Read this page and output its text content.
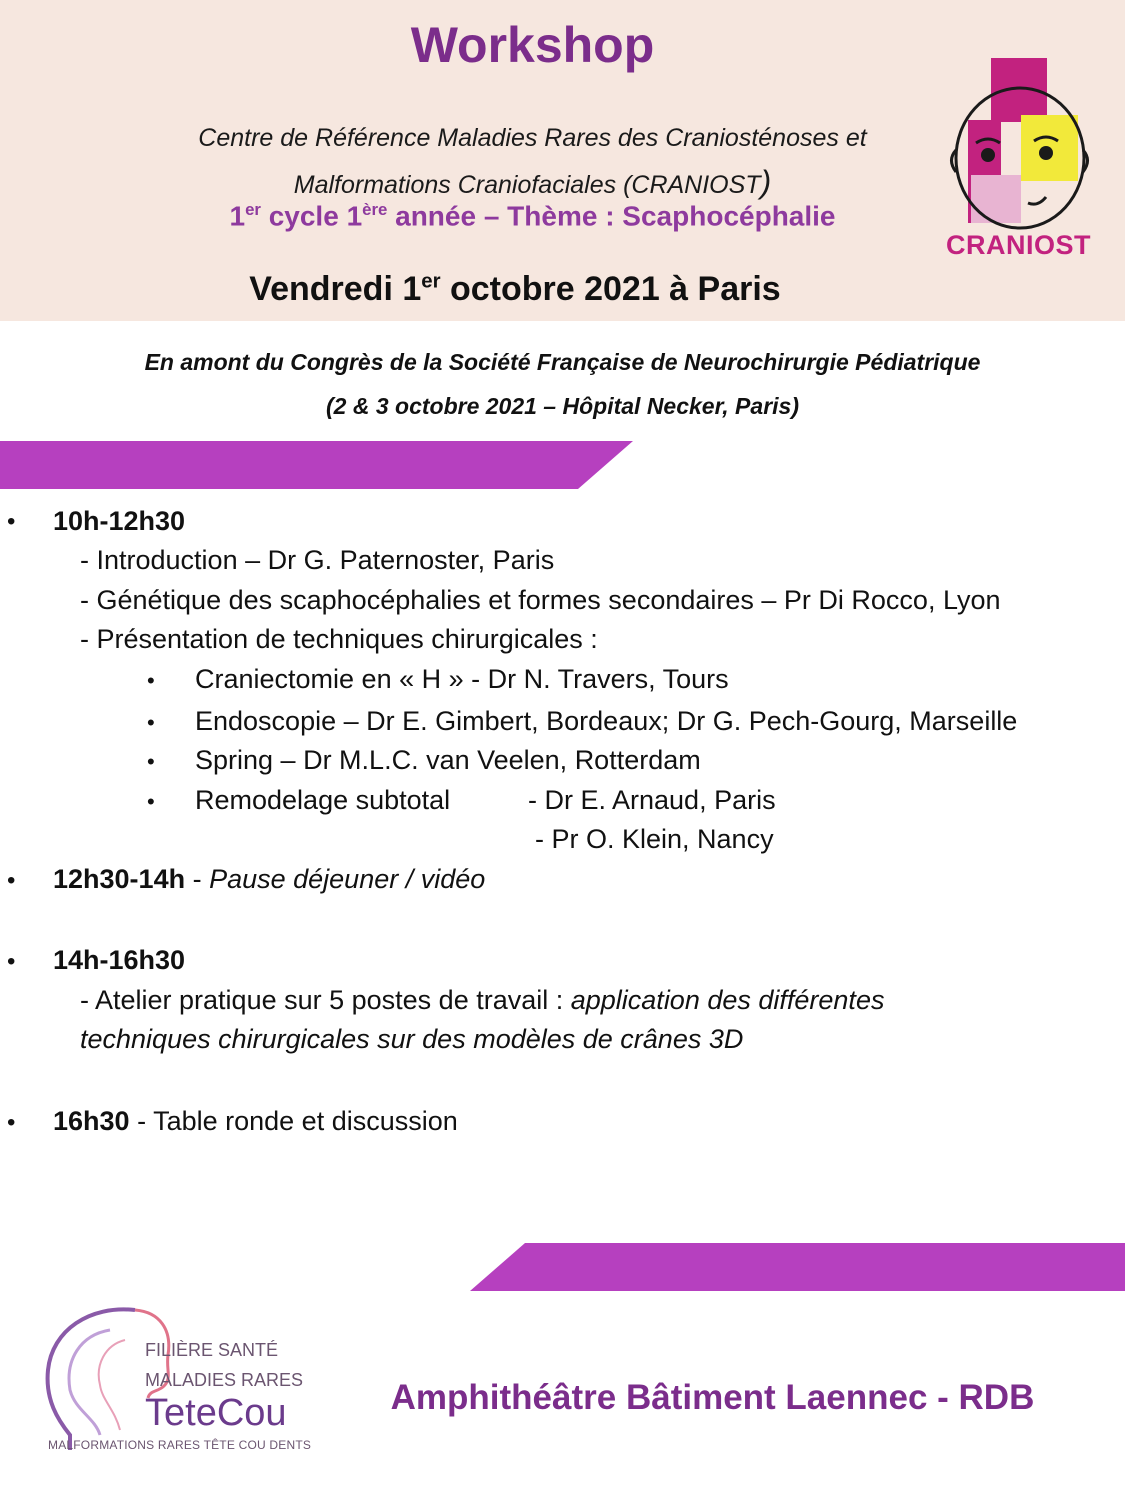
Workshop
Centre de Référence Maladies Rares des Craniosténoses et
Malformations Craniofaciales (CRANIOST)
1er cycle 1ère année – Thème : Scaphocéphalie
Vendredi 1er octobre 2021 à Paris
CRANIOST
En amont du Congrès de la Société Française de Neurochirurgie Pédiatrique
(2 & 3 octobre 2021 – Hôpital Necker, Paris)
• 10h-12h30
- Introduction – Dr G. Paternoster, Paris
- Génétique des scaphocéphalies et formes secondaires – Pr Di Rocco, Lyon
- Présentation de techniques chirurgicales :
• Craniectomie en « H » - Dr N. Travers, Tours
• Endoscopie – Dr E. Gimbert, Bordeaux; Dr G. Pech-Gourg, Marseille
• Spring – Dr M.L.C. van Veelen, Rotterdam
• Remodelage subtotal	- Dr E. Arnaud, Paris
- Pr O. Klein, Nancy
• 12h30-14h - Pause déjeuner / vidéo
• 14h-16h30
- Atelier pratique sur 5 postes de travail : application des différentes
techniques chirurgicales sur des modèles de crânes 3D
• 16h30 - Table ronde et discussion
FILIÈRE SANTÉ
MALADIES RARES
TeteCou
MALFORMATIONS RARES TÊTE COU DENTS
Amphithéâtre Bâtiment Laennec - RDB
